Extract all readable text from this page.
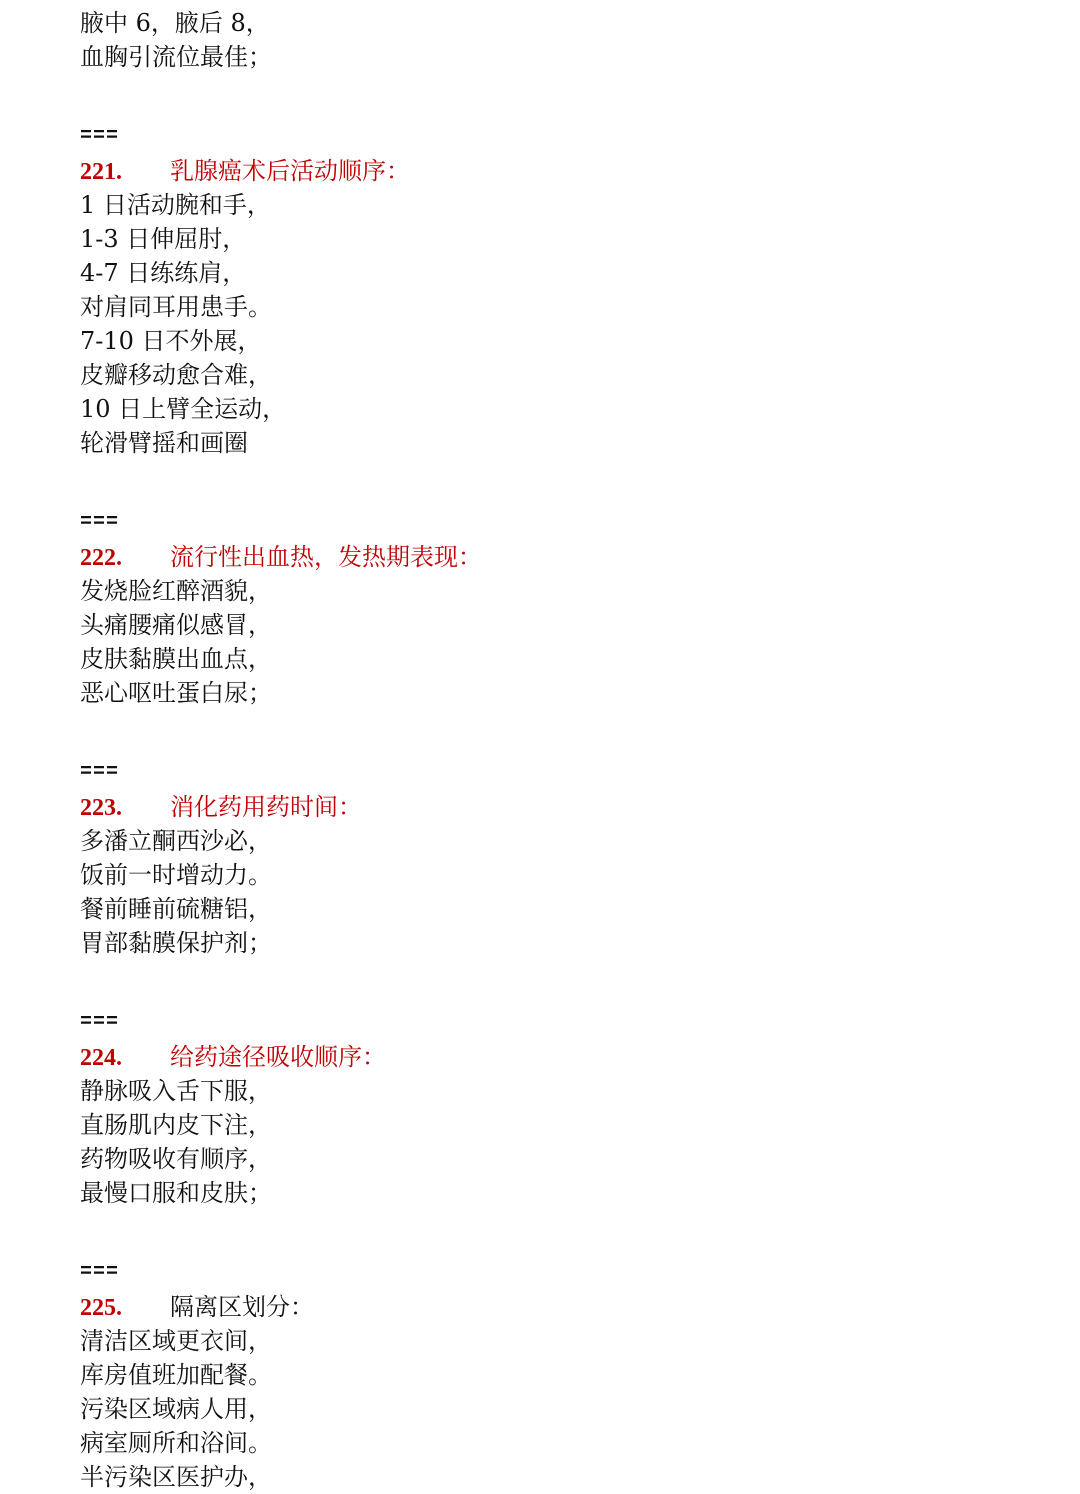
腋中 6，腋后 8，
血胸引流位最佳；
===
221. 乳腺癌术后活动顺序：
1 日活动腕和手，
1-3 日伸屈肘，
4-7 日练练肩，
对肩同耳用患手。
7-10 日不外展，
皮瓣移动愈合难，
10 日上臂全运动，
轮滑臂摇和画圈
===
222. 流行性出血热，发热期表现：
发烧脸红醉酒貌，
头痛腰痛似感冒，
皮肤黏膜出血点，
恶心呕吐蛋白尿；
===
223. 消化药用药时间：
多潘立酮西沙必，
饭前一时增动力。
餐前睡前硫糖铝，
胃部黏膜保护剂；
===
224. 给药途径吸收顺序：
静脉吸入舌下服，
直肠肌内皮下注，
药物吸收有顺序，
最慢口服和皮肤；
===
225. 隔离区划分：
清洁区域更衣间，
库房值班加配餐。
污染区域病人用，
病室厕所和浴间。
半污染区医护办，
